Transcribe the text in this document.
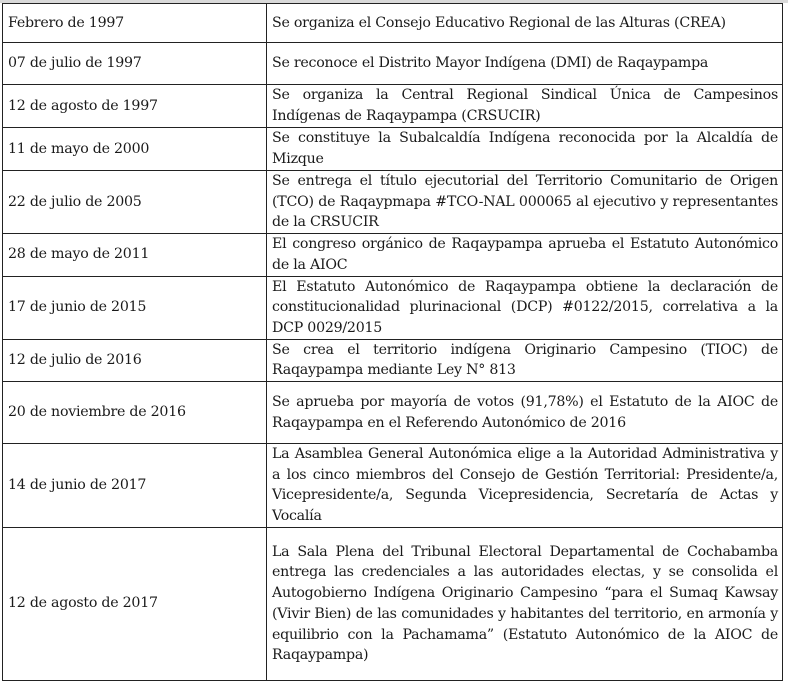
Febrero de 1997	Se organiza el Consejo Educativo Regional de las Alturas (CREA)
07 de julio de 1997	Se reconoce el Distrito Mayor Indígena (DMI) de Raqaypampa
12 de agosto de 1997	Se organiza la Central Regional Sindical Única de Campesinos Indígenas de Raqaypampa (CRSUCIR)
11 de mayo de 2000	Se constituye la Subalcaldía Indígena reconocida por la Alcaldía de Mizque
22 de julio de 2005	Se entrega el título ejecutorial del Territorio Comunitario de Origen (TCO) de Raqaypmapa #TCO-NAL 000065 al ejecutivo y representantes de la CRSUCIR
28 de mayo de 2011	El congreso orgánico de Raqaypampa aprueba el Estatuto Autonómico de la AIOC
17 de junio de 2015	El Estatuto Autonómico de Raqaypampa obtiene la declaración de constitucionalidad plurinacional (DCP) #0122/2015, correlativa a la DCP 0029/2015
12 de julio de 2016	Se crea el territorio indígena Originario Campesino (TIOC) de Raqaypampa mediante Ley N° 813
20 de noviembre de 2016	Se aprueba por mayoría de votos (91,78%) el Estatuto de la AIOC de Raqaypampa en el Referendo Autonómico de 2016
14 de junio de 2017	La Asamblea General Autonómica elige a la Autoridad Administrativa y a los cinco miembros del Consejo de Gestión Territorial: Presidente/a, Vicepresidente/a, Segunda Vicepresidencia, Secretaría de Actas y Vocalía
12 de agosto de 2017	La Sala Plena del Tribunal Electoral Departamental de Cochabamba entrega las credenciales a las autoridades electas, y se consolida el Autogobierno Indígena Originario Campesino “para el Sumaq Kawsay (Vivir Bien) de las comunidades y habitantes del territorio, en armonía y equilibrio con la Pachamama” (Estatuto Autonómico de la AIOC de Raqaypampa)
